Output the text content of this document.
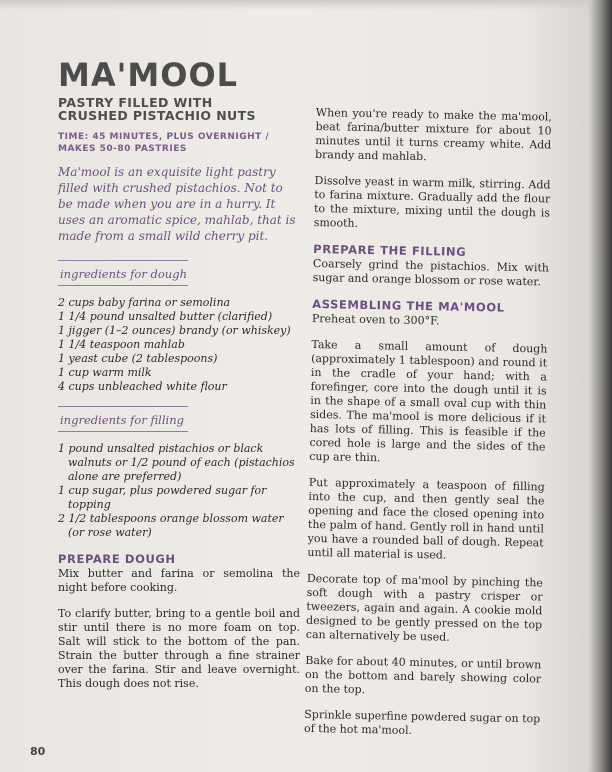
MA'MOOL
PASTRY FILLED WITH
CRUSHED PISTACHIO NUTS
TIME: 45 MINUTES, PLUS OVERNIGHT /
MAKES 50-80 PASTRIES

Ma'mool is an exquisite light pastry filled with crushed pistachios. Not to be made when you are in a hurry. It uses an aromatic spice, mahlab, that is made from a small wild cherry pit.

ingredients for dough
2 cups baby farina or semolina
1 1/4 pound unsalted butter (clarified)
1 jigger (1–2 ounces) brandy (or whiskey)
1 1/4 teaspoon mahlab
1 yeast cube (2 tablespoons)
1 cup warm milk
4 cups unbleached white flour
ingredients for filling
1 pound unsalted pistachios or black walnuts or 1/2 pound of each (pistachios alone are preferred)
1 cup sugar, plus powdered sugar for topping
2 1/2 tablespoons orange blossom water (or rose water)
PREPARE DOUGH

Mix butter and farina or semolina the night before cooking.

To clarify butter, bring to a gentle boil and stir until there is no more foam on top. Salt will stick to the bottom of the pan. Strain the butter through a fine strainer over the farina. Stir and leave overnight. This dough does not rise.

When you're ready to make the ma'mool, beat farina/butter mixture for about 10 minutes until it turns creamy white. Add brandy and mahlab.

Dissolve yeast in warm milk, stirring. Add to farina mixture. Gradually add the flour to the mixture, mixing until the dough is smooth.

PREPARE THE FILLING

Coarsely grind the pistachios. Mix with sugar and orange blossom or rose water.

ASSEMBLING THE MA'MOOL

Preheat oven to 300°F.

Take a small amount of dough (approximately 1 tablespoon) and round it in the cradle of your hand; with a forefinger, core into the dough until it is in the shape of a small oval cup with thin sides. The ma'mool is more delicious if it has lots of filling. This is feasible if the cored hole is large and the sides of the cup are thin.

Put approximately a teaspoon of filling into the cup, and then gently seal the opening and face the closed opening into the palm of hand. Gently roll in hand until you have a rounded ball of dough. Repeat until all material is used.

Decorate top of ma'mool by pinching the soft dough with a pastry crisper or tweezers, again and again. A cookie mold designed to be gently pressed on the top can alternatively be used.

Bake for about 40 minutes, or until brown on the bottom and barely showing color on the top.

Sprinkle superfine powdered sugar on top of the hot ma'mool.

80
